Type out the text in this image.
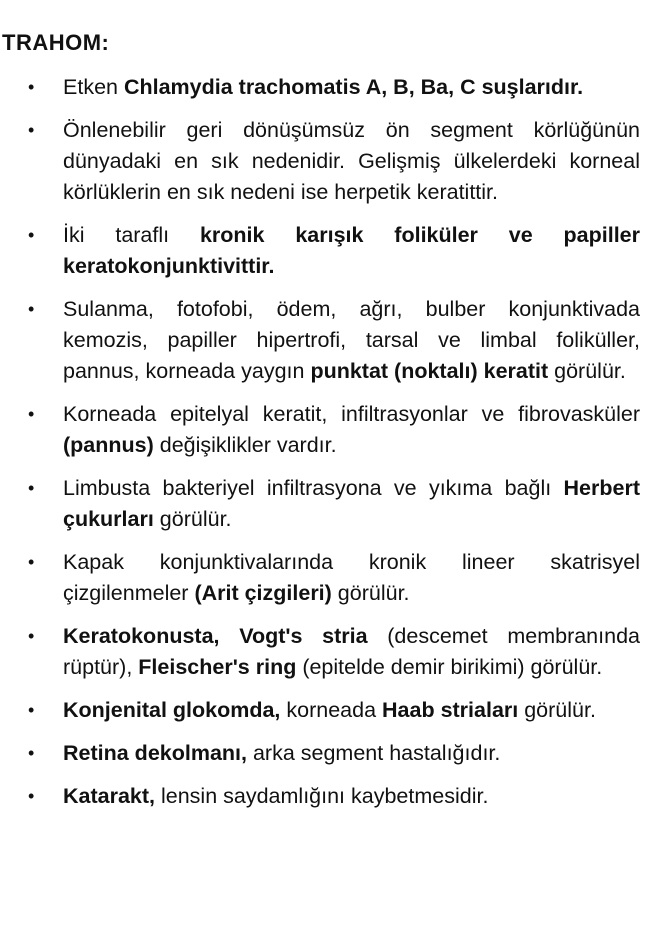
TRAHOM:
• Etken Chlamydia trachomatis A, B, Ba, C suşlarıdır.
• Önlenebilir geri dönüşümsüz ön segment körlüğünün dünyadaki en sık nedenidir. Gelişmiş ülkelerdeki korneal körlüklerin en sık nedeni ise herpetik keratittir.
• İki taraflı kronik karışık foliküler ve papiller keratokonjunktivittir.
• Sulanma, fotofobi, ödem, ağrı, bulber konjunktivada kemozis, papiller hipertrofi, tarsal ve limbal foliküller, pannus, korneada yaygın punktat (noktalı) keratit görülür.
• Korneada epitelyal keratit, infiltrasyonlar ve fibrovasküler (pannus) değişiklikler vardır.
• Limbusta bakteriyel infiltrasyona ve yıkıma bağlı Herbert çukurları görülür.
• Kapak konjunktivalarında kronik lineer skatrisyel çizgilenmeler (Arit çizgileri) görülür.
• Keratokonusta, Vogt's stria (descemet membranında rüptür), Fleischer's ring (epitelde demir birikimi) görülür.
• Konjenital glokomda, korneada Haab striaları görülür.
• Retina dekolmanı, arka segment hastalığıdır.
• Katarakt, lensin saydamlığını kaybetmesidir.
